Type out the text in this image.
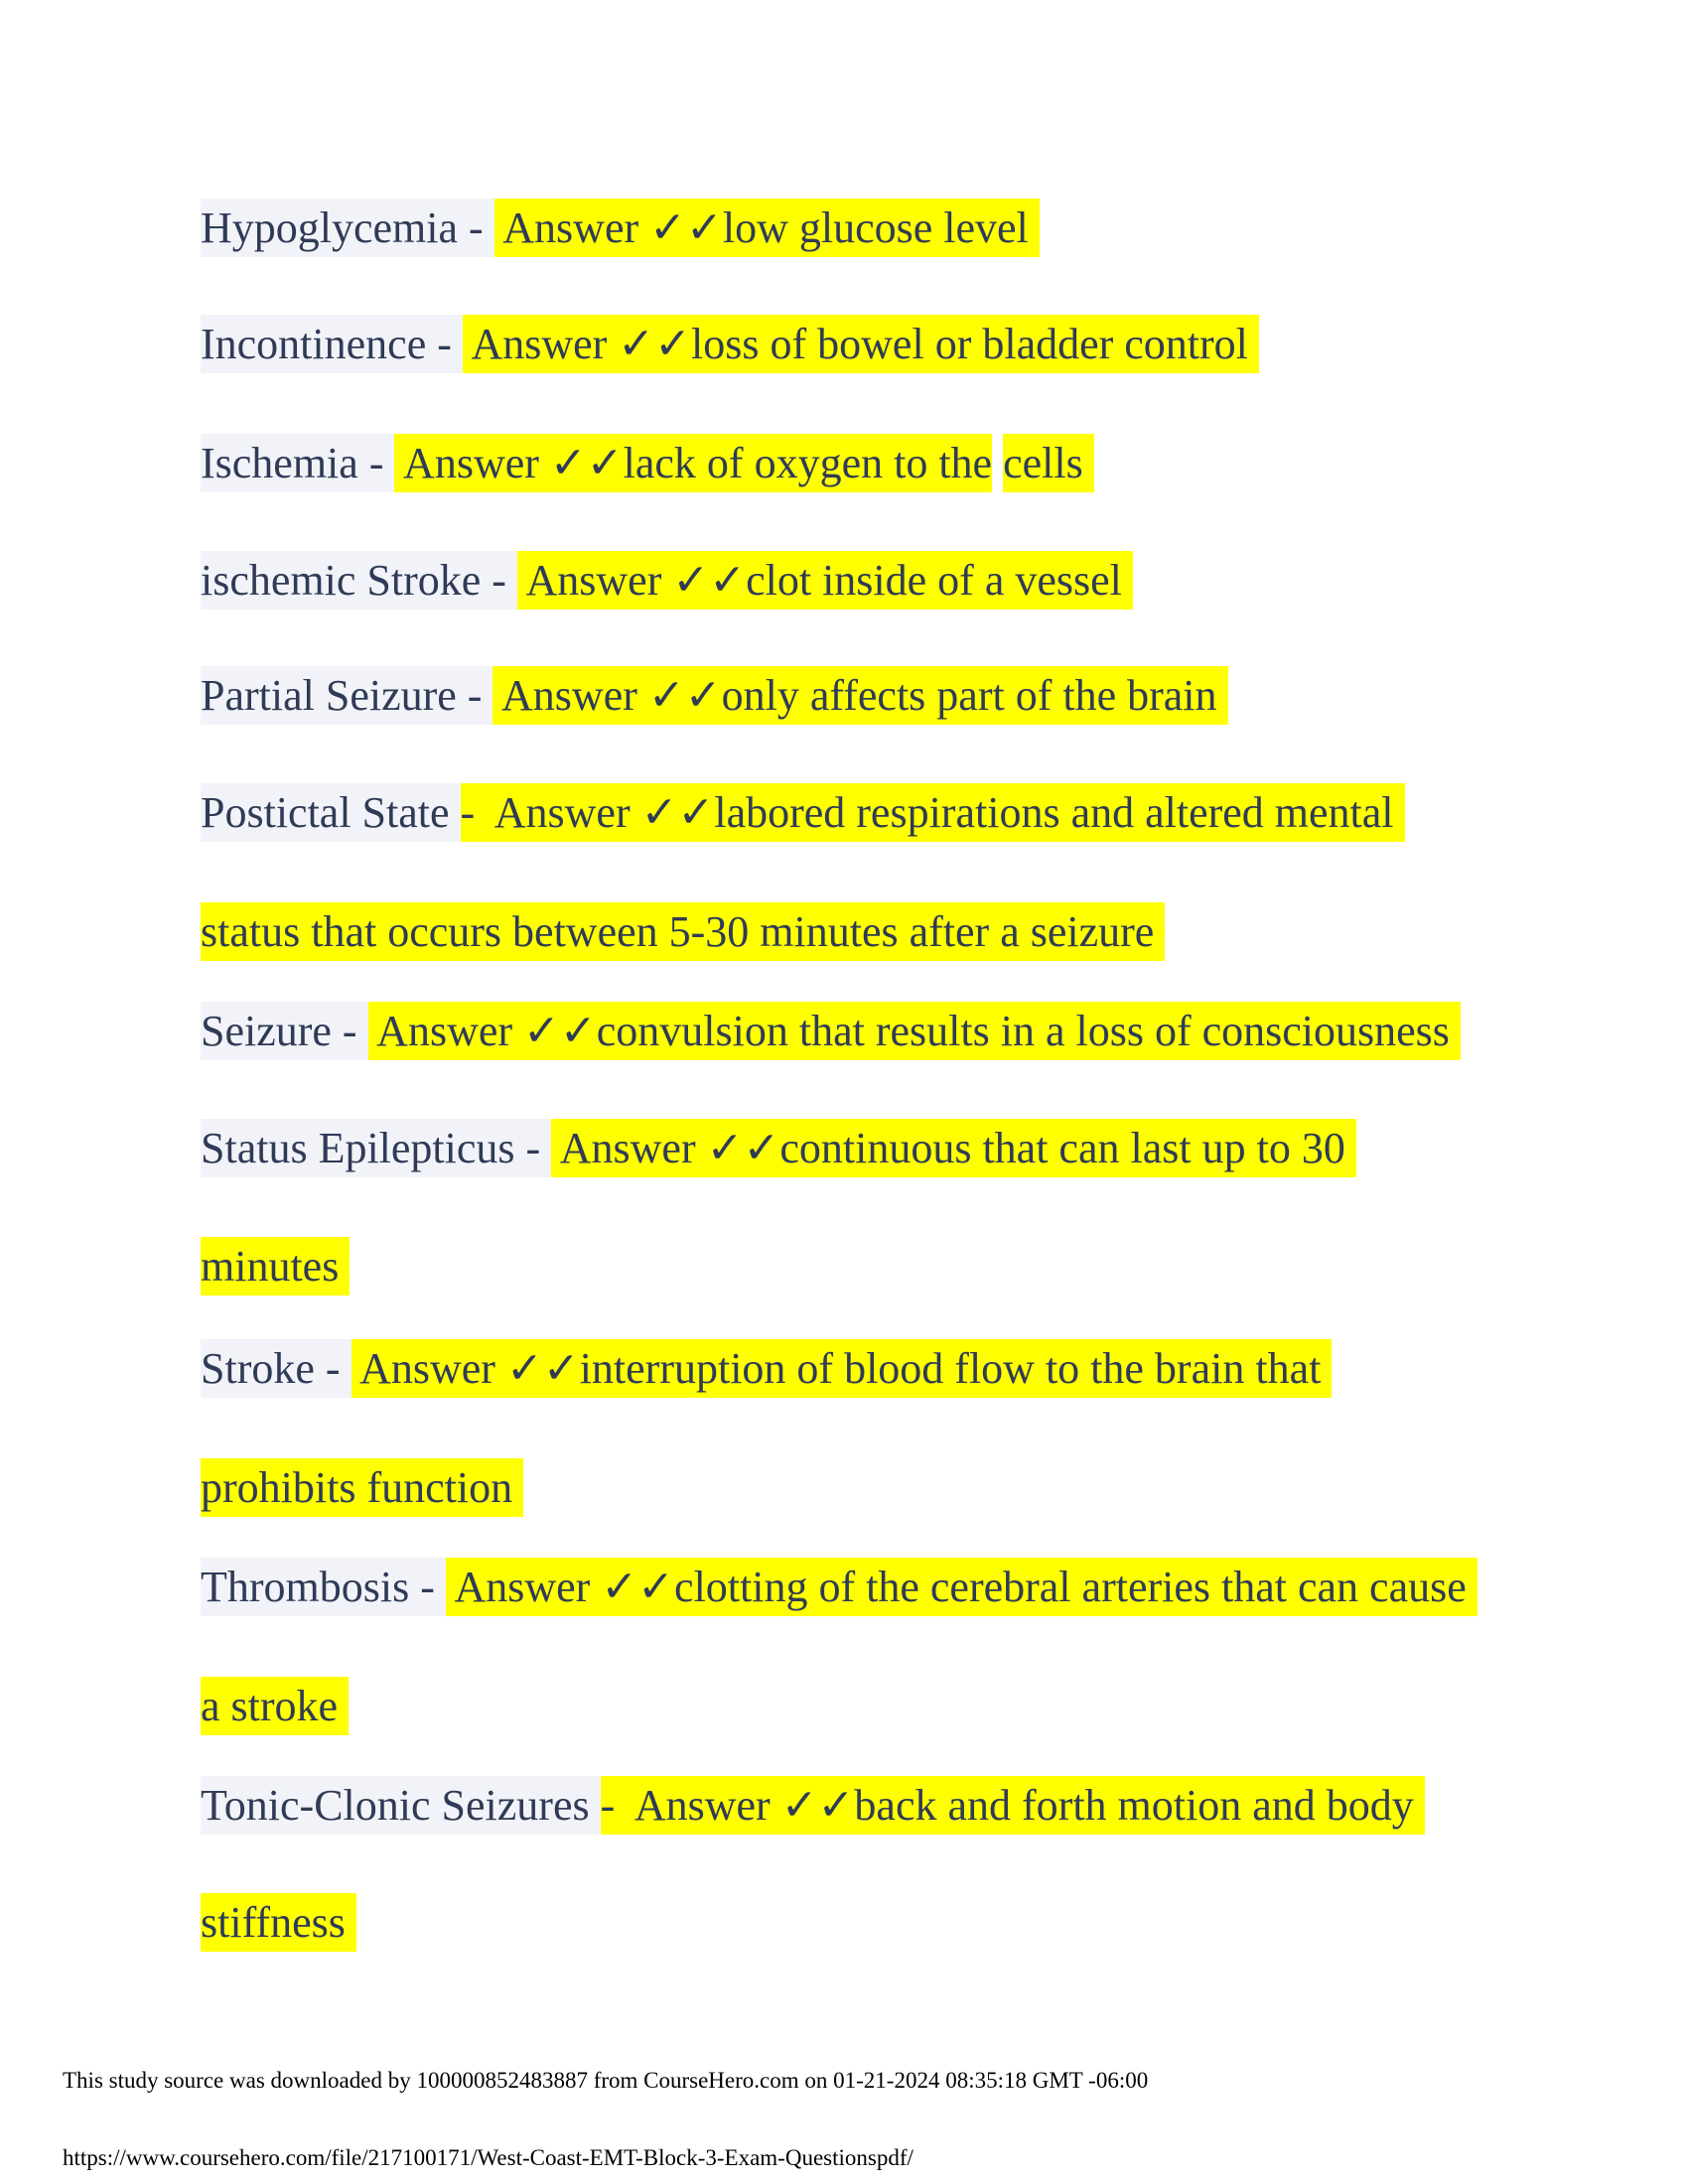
Hypoglycemia -  Answer ✓✓low glucose level
Incontinence -  Answer ✓✓loss of bowel or bladder control
Ischemia -  Answer ✓✓lack of oxygen to the cells
ischemic Stroke -  Answer ✓✓clot inside of a vessel
Partial Seizure -  Answer ✓✓only affects part of the brain
Postictal State -  Answer ✓✓labored respirations and altered mental
status that occurs between 5-30 minutes after a seizure
Seizure -  Answer ✓✓convulsion that results in a loss of consciousness
Status Epilepticus -  Answer ✓✓continuous that can last up to 30
minutes
Stroke -  Answer ✓✓interruption of blood flow to the brain that
prohibits function
Thrombosis -  Answer ✓✓clotting of the cerebral arteries that can cause
a stroke
Tonic-Clonic Seizures -  Answer ✓✓back and forth motion and body
stiffness
This study source was downloaded by 100000852483887 from CourseHero.com on 01-21-2024 08:35:18 GMT -06:00
https://www.coursehero.com/file/217100171/West-Coast-EMT-Block-3-Exam-Questionspdf/
